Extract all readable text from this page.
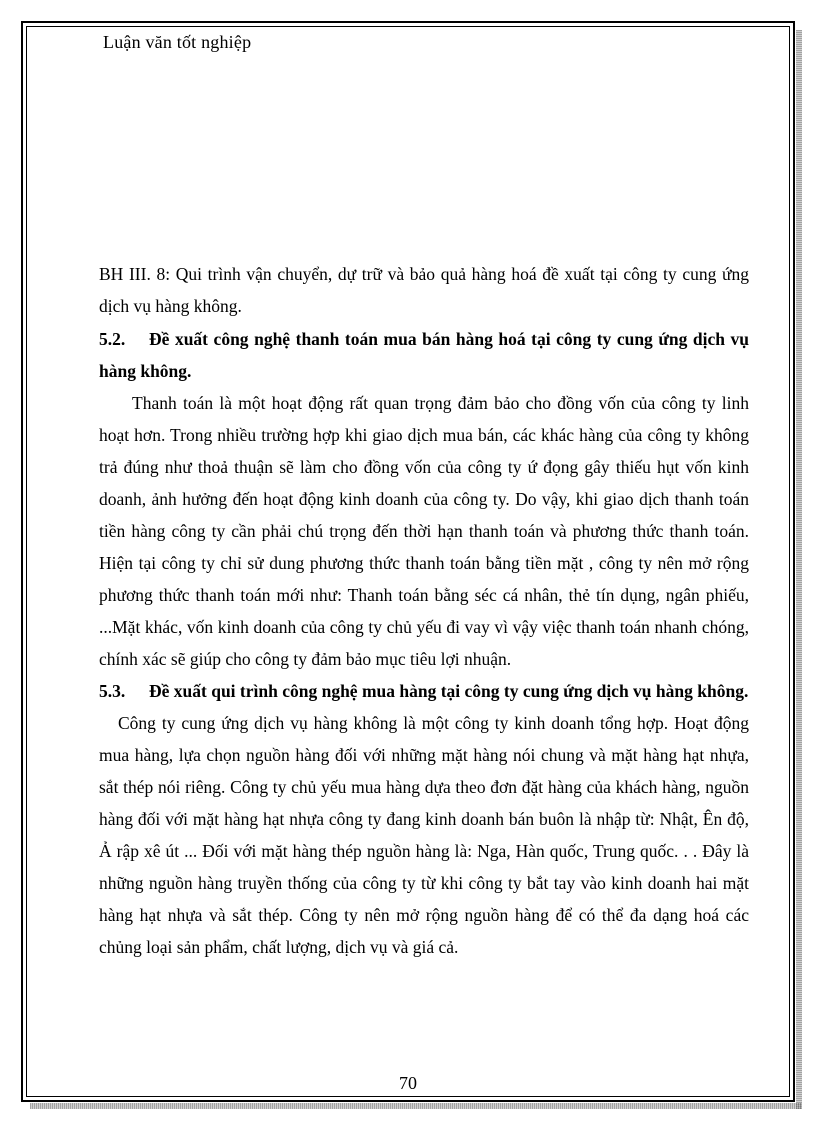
Luận văn tốt nghiệp

BH III. 8: Qui trình vận chuyển, dự trữ và bảo quả hàng hoá đề xuất tại công ty cung ứng dịch vụ hàng không.

5.2. Đề xuất công nghệ thanh toán mua bán hàng hoá tại công ty cung ứng dịch vụ hàng không.

Thanh toán là một hoạt động rất quan trọng đảm bảo cho đồng vốn của công ty linh hoạt hơn. Trong nhiều trường hợp khi giao dịch mua bán, các khác hàng của công ty không trả đúng như thoả thuận sẽ làm cho đồng vốn của công ty ứ đọng gây thiếu hụt vốn kinh doanh, ảnh hưởng đến hoạt động kinh doanh của công ty. Do vậy, khi giao dịch thanh toán tiền hàng công ty cần phải chú trọng đến thời hạn thanh toán và phương thức thanh toán. Hiện tại công ty chỉ sử dung phương thức thanh toán bằng tiền mặt , công ty nên mở rộng phương thức thanh toán mới như: Thanh toán bằng séc cá nhân, thẻ tín dụng, ngân phiếu, ...Mặt khác, vốn kinh doanh của công ty chủ yếu đi vay vì vậy việc thanh toán nhanh chóng, chính xác sẽ giúp cho công ty đảm bảo mục tiêu lợi nhuận.

5.3. Đề xuất qui trình công nghệ mua hàng tại công ty cung ứng dịch vụ hàng không.

Công ty cung ứng dịch vụ hàng không là một công ty kinh doanh tổng hợp. Hoạt động mua hàng, lựa chọn nguồn hàng đối với những mặt hàng nói chung và mặt hàng hạt nhựa, sắt thép nói riêng. Công ty chủ yếu mua hàng dựa theo đơn đặt hàng của khách hàng, nguồn hàng đối với mặt hàng hạt nhựa công ty đang kinh doanh bán buôn là nhập từ: Nhật, Ên độ, Ả rập xê út ... Đối với mặt hàng thép nguồn hàng là: Nga, Hàn quốc, Trung quốc. . . Đây là những nguồn hàng truyền thống của công ty từ khi công ty bắt tay vào kinh doanh hai mặt hàng hạt nhựa và sắt thép. Công ty nên mở rộng nguồn hàng để có thể đa dạng hoá các chủng loại sản phẩm, chất lượng, dịch vụ và giá cả.

70
